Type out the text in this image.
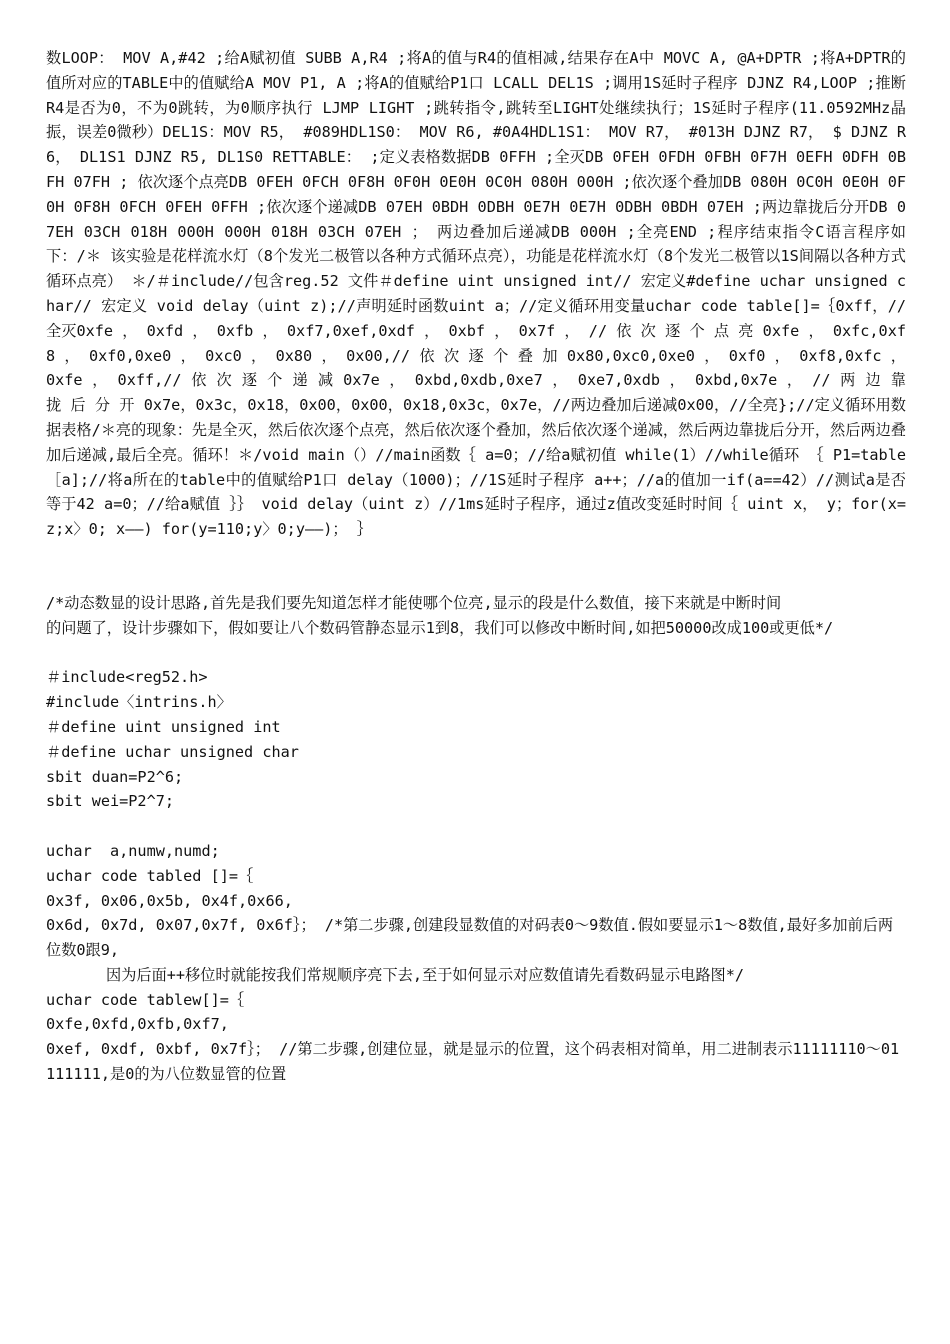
数LOOP： MOV A,#42 ;给A赋初值 SUBB A,R4 ;将A的值与R4的值相减,结果存在A中 MOVC A, @A+DPTR ;将A+DPTR的值所对应的TABLE中的值赋给A MOV P1, A ;将A的值赋给P1口 LCALL DEL1S ;调用1S延时子程序 DJNZ R4,LOOP ;推断R4是否为0，不为0跳转，为0顺序执行 LJMP LIGHT ;跳转指令,跳转至LIGHT处继续执行；1S延时子程序(11.0592MHz晶振，误差0微秒）DEL1S：MOV R5， #089HDL1S0： MOV R6, #0A4HDL1S1： MOV R7， #013H DJNZ R7， $ DJNZ R6， DL1S1 DJNZ R5, DL1S0 RETTABLE： ;定义表格数据DB 0FFH ;全灭DB 0FEH 0FDH 0FBH 0F7H 0EFH 0DFH 0BFH 07FH ; 依次逐个点亮DB 0FEH 0FCH 0F8H 0F0H 0E0H 0C0H 080H 000H ;依次逐个叠加DB 080H 0C0H 0E0H 0F0H 0F8H 0FCH 0FEH 0FFH ;依次逐个递减DB 07EH 0BDH 0DBH 0E7H 0E7H 0DBH 0BDH 07EH ;两边靠拢后分开DB 07EH 03CH 018H 000H 000H 018H 03CH 07EH ； 两边叠加后递减DB 000H ;全亮END ;程序结束指令C语言程序如下：/＊ 该实验是花样流水灯（8个发光二极管以各种方式循环点亮），功能是花样流水灯（8个发光二极管以1S间隔以各种方式循环点亮） ＊/＃include//包含reg.52 文件＃define uint unsigned int// 宏定义#define uchar unsigned char// 宏定义 void delay（uint z);//声明延时函数uint a；//定义循环用变量uchar code table[]=｛0xff，//全灭0xfe ， 0xfd ， 0xfb ， 0xf7,0xef,0xdf ， 0xbf ， 0x7f ， // 依 次 逐 个 点 亮 0xfe ， 0xfc,0xf8 ， 0xf0,0xe0 ， 0xc0 ， 0x80 ， 0x00,// 依 次 逐 个 叠 加 0x80,0xc0,0xe0 ， 0xf0 ， 0xf8,0xfc ， 0xfe ， 0xff,// 依 次 逐 个 递 减 0x7e ， 0xbd,0xdb,0xe7 ， 0xe7,0xdb ， 0xbd,0x7e ， // 两 边 靠 拢 后 分 开 0x7e，0x3c，0x18，0x00，0x00，0x18,0x3c，0x7e，//两边叠加后递减0x00，//全亮};//定义循环用数据表格/＊亮的现象：先是全灭，然后依次逐个点亮，然后依次逐个叠加，然后依次逐个递减，然后两边靠拢后分开，然后两边叠加后递减,最后全亮。循环！＊/void main（）//main函数｛ a=0；//给a赋初值 while(1）//while循环 ｛ P1=table［a];//将a所在的table中的值赋给P1口 delay（1000)；//1S延时子程序 a++；//a的值加一if(a==42）//测试a是否等于42 a=0；//给a赋值 ｝｝ void delay（uint z）//1ms延时子程序，通过z值改变延时时间｛ uint x， y；for(x=z;x〉0; x——) for(y=110;y〉0;y——)； ｝

/*动态数显的设计思路,首先是我们要先知道怎样才能使哪个位亮,显示的段是什么数值，接下来就是中断时间

的问题了，设计步骤如下，假如要让八个数码管静态显示1到8，我们可以修改中断时间,如把50000改成100或更低*/

＃include<reg52.h>

#include〈intrins.h〉

＃define uint unsigned int

＃define uchar unsigned char

sbit duan=P2^6;

sbit wei=P2^7;

uchar  a,numw,numd;

uchar code tabled []=｛

0x3f, 0x06,0x5b, 0x4f,0x66,

0x6d, 0x7d, 0x07,0x7f, 0x6f｝； /*第二步骤,创建段显数值的对码表0～9数值.假如要显示1～8数值,最好多加前后两位数0跟9,

因为后面++移位时就能按我们常规顺序亮下去,至于如何显示对应数值请先看数码显示电路图*/

uchar code tablew[]=｛

0xfe,0xfd,0xfb,0xf7,

0xef, 0xdf, 0xbf, 0x7f｝； //第二步骤,创建位显，就是显示的位置，这个码表相对简单，用二进制表示11111110～01111111,是0的为八位数显管的位置
